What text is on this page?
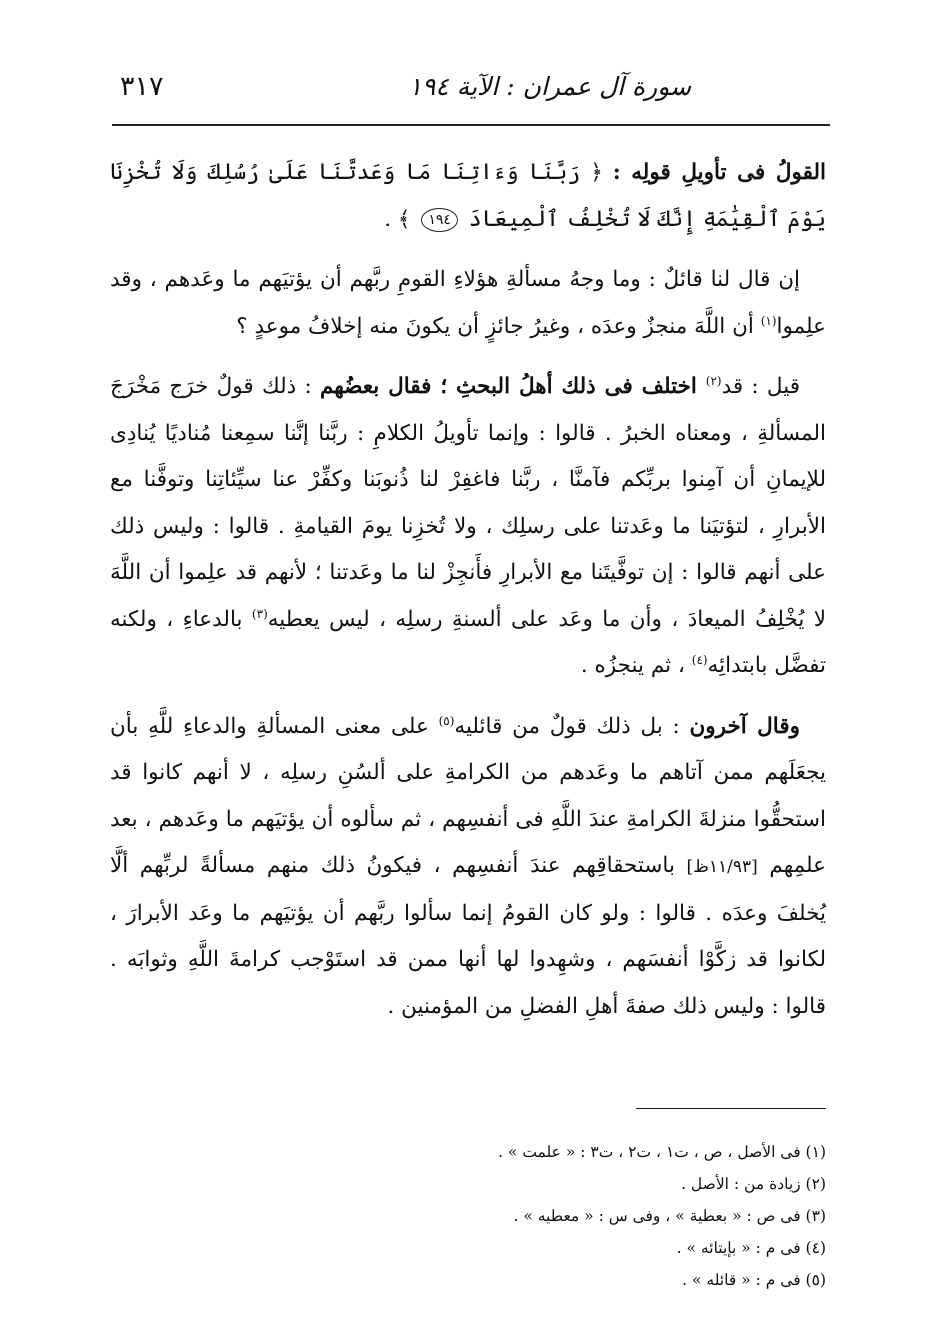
سورة آل عمران : الآية ١٩٤
٣١٧

القولُ فى تأويلِ قولِه : ﴿ رَبَّنَا وَءَاتِنَا مَا وَعَدتَّنَا عَلَىٰ رُسُلِكَ وَلَا تُخْزِنَا يَوْمَ ٱلْقِيَٰمَةِ إِنَّكَ لَا تُخْلِفُ ٱلْمِيعَادَ ١٩٤ ﴾ .

إن قال لنا قائلٌ : وما وجهُ مسألةِ هؤلاءِ القومِ ربَّهم أن يؤتيَهم ما وعَدهم ، وقد علِموا$^{(١)}$ أن اللَّهَ منجزٌ وعدَه ، وغيرُ جائزٍ أن يكونَ منه إخلافُ موعدٍ ؟

قيل : قد$^{(٢)}$ اختلف فى ذلك أهلُ البحثِ ؛ فقال بعضُهم : ذلك قولٌ خرَج مَخْرَجَ المسألةِ ، ومعناه الخبرُ . قالوا : وإنما تأويلُ الكلامِ : ربَّنا إنَّنا سمِعنا مُناديًا يُنادِى للإيمانِ أن آمِنوا بربِّكم فآمنَّا ، ربَّنا فاغفِرْ لنا ذُنوبَنا وكفِّرْ عنا سيِّئاتِنا وتوفَّنا مع الأبرارِ ، لتؤتيَنا ما وعَدتنا على رسلِك ، ولا تُخزِنا يومَ القيامةِ . قالوا : وليس ذلك على أنهم قالوا : إن توفَّيتَنا مع الأبرارِ فأَنجِزْ لنا ما وعَدتنا ؛ لأنهم قد علِموا أن اللَّهَ لا يُخْلِفُ الميعادَ ، وأن ما وعَد على ألسنةِ رسلِه ، ليس يعطيه$^{(٣)}$ بالدعاءِ ، ولكنه تفضَّل بابتدائِه$^{(٤)}$ ، ثم ينجزُه .

وقال آخرون : بل ذلك قولٌ من قائليه$^{(٥)}$ على معنى المسألةِ والدعاءِ للَّهِ بأن يجعَلَهم ممن آتاهم ما وعَدهم من الكرامةِ على ألسُنِ رسلِه ، لا أنهم كانوا قد استحقُّوا منزلةَ الكرامةِ عندَ اللَّهِ فى أنفسِهم ، ثم سألوه أن يؤتيَهم ما وعَدهم ، بعد علمِهم [١١/٩٣ظ] باستحقاقِهم عندَ أنفسِهم ، فيكونُ ذلك منهم مسألةً لربِّهم ألَّا يُخلفَ وعدَه . قالوا : ولو كان القومُ إنما سألوا ربَّهم أن يؤتيَهم ما وعَد الأبرارَ ، لكانوا قد زكَّوْا أنفسَهم ، وشهِدوا لها أنها ممن قد استَوْجب كرامةَ اللَّهِ وثوابَه . قالوا : وليس ذلك صفةَ أهلِ الفضلِ من المؤمنين .

(١) فى الأصل ، ص ، ت١ ، ت٢ ، ت٣ : « علمت » .

(٢) زيادة من : الأصل .

(٣) فى ص : « بعطية » ، وفى س : « معطيه » .

(٤) فى م : « بإيتائه » .

(٥) فى م : « قائله » .
